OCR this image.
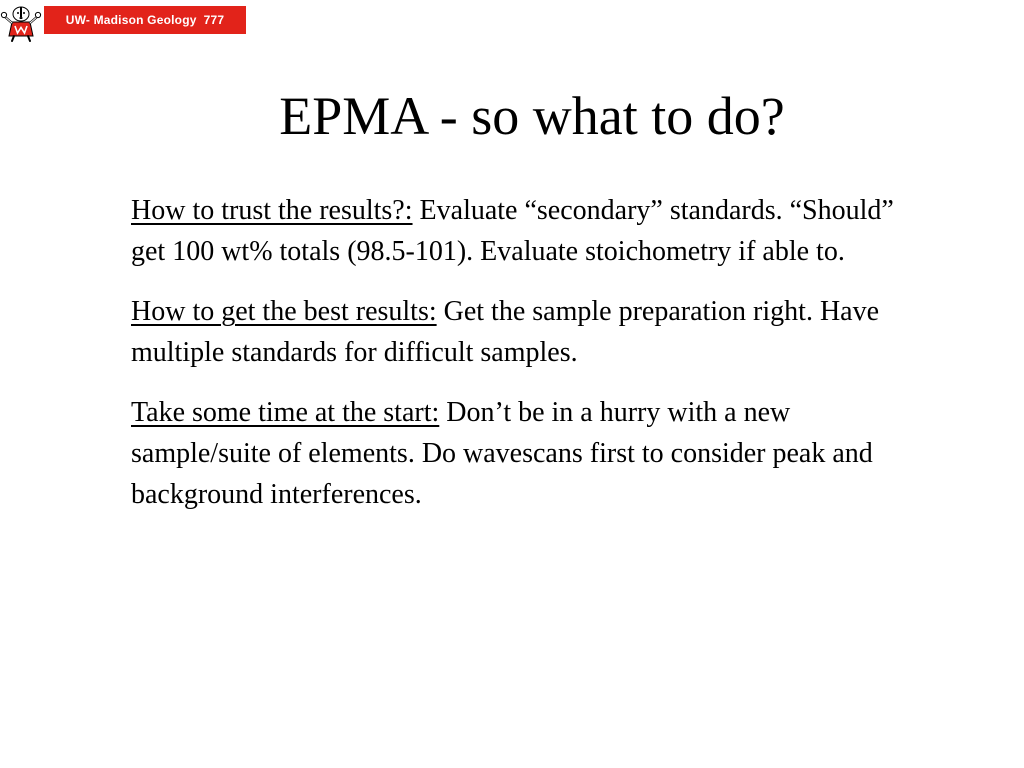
UW- Madison Geology  777
EPMA - so what to do?

How to trust the results?: Evaluate “secondary” standards. “Should” get 100 wt% totals (98.5-101). Evaluate stoichometry if able to.

How to get the best results: Get the sample preparation right. Have multiple standards for difficult samples.

Take some time at the start: Don’t be in a hurry with a new sample/suite of elements. Do wavescans first to consider peak and background interferences.
